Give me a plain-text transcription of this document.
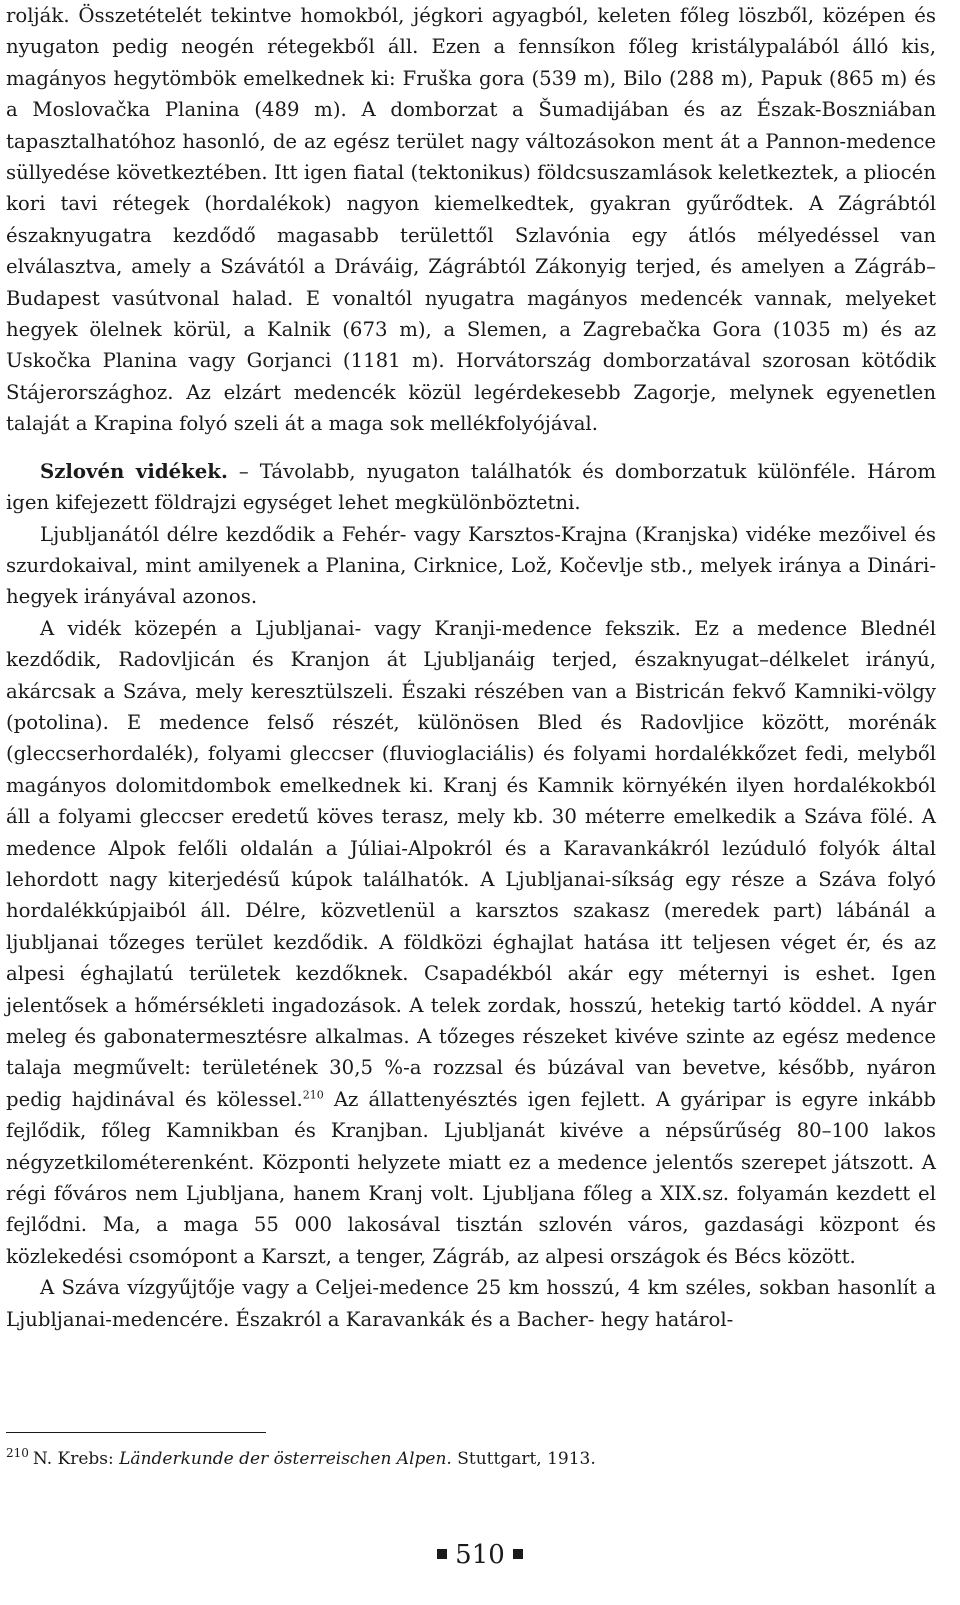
rolják. Összetételét tekintve homokból, jégkori agyagból, keleten főleg löszből, középen és nyugaton pedig neogén rétegekből áll. Ezen a fennsíkon főleg kristálypalából álló kis, magányos hegytömbök emelkednek ki: Fruška gora (539 m), Bilo (288 m), Papuk (865 m) és a Moslovačka Planina (489 m). A domborzat a Šumadijában és az Észak-Boszniában tapasztalhatóhoz hasonló, de az egész terület nagy változásokon ment át a Pannon-medence süllyedése következtében. Itt igen fiatal (tektonikus) földcsuszamlások keletkeztek, a pliocén kori tavi rétegek (hordalékok) nagyon kiemelkedtek, gyakran gyűrődtek. A Zágrábtól északnyugatra kezdődő magasabb területtől Szlavónia egy átlós mélyedéssel van elválasztva, amely a Szávától a Dráváig, Zágrábtól Zákonyig terjed, és amelyen a Zágráb–Budapest vasútvonal halad. E vonaltól nyugatra magányos medencék vannak, melyeket hegyek ölelnek körül, a Kalnik (673 m), a Slemen, a Zagrebačka Gora (1035 m) és az Uskočka Planina vagy Gorjanci (1181 m). Horvátország domborzatával szorosan kötődik Stájerországhoz. Az elzárt medencék közül legérdekesebb Zagorje, melynek egyenetlen talaját a Krapina folyó szeli át a maga sok mellékfolyójával.

Szlovén vidékek. – Távolabb, nyugaton találhatók és domborzatuk különféle. Három igen kifejezett földrajzi egységet lehet megkülönböztetni.

Ljubljanától délre kezdődik a Fehér- vagy Karsztos-Krajna (Kranjska) vidéke mezőivel és szurdokaival, mint amilyenek a Planina, Cirknice, Lož, Kočevlje stb., melyek iránya a Dinári-hegyek irányával azonos.

A vidék közepén a Ljubljanai- vagy Kranji-medence fekszik. Ez a medence Blednél kezdődik, Radovljicán és Kranjon át Ljubljanáig terjed, északnyugat–délkelet irányú, akárcsak a Száva, mely keresztülszeli. Északi részében van a Bistricán fekvő Kamniki-völgy (potolina). E medence felső részét, különösen Bled és Radovljice között, morénák (gleccserhordalék), folyami gleccser (fluvioglaciális) és folyami hordalékkőzet fedi, melyből magányos dolomitdombok emelkednek ki. Kranj és Kamnik környékén ilyen hordalékokból áll a folyami gleccser eredetű köves terasz, mely kb. 30 méterre emelkedik a Száva fölé. A medence Alpok felőli oldalán a Júliai-Alpokról és a Karavankákról lezúduló folyók által lehordott nagy kiterjedésű kúpok találhatók. A Ljubljanai-síkság egy része a Száva folyó hordalékkúpjaiból áll. Délre, közvetlenül a karsztos szakasz (meredek part) lábánál a ljubljanai tőzeges terület kezdődik. A földközi éghajlat hatása itt teljesen véget ér, és az alpesi éghajlatú területek kezdőknek. Csapadékból akár egy méternyi is eshet. Igen jelentősek a hőmérsékleti ingadozások. A telek zordak, hosszú, hetekig tartó köddel. A nyár meleg és gabonatermesztésre alkalmas. A tőzeges részeket kivéve szinte az egész medence talaja megművelt: területének 30,5 %-a rozzsal és búzával van bevetve, később, nyáron pedig hajdinával és kölessel.$^{210}$ Az állattenyésztés igen fejlett. A gyáripar is egyre inkább fejlődik, főleg Kamnikban és Kranjban. Ljubljanát kivéve a népsűrűség 80–100 lakos négyzetkilométerenként. Központi helyzete miatt ez a medence jelentős szerepet játszott. A régi főváros nem Ljubljana, hanem Kranj volt. Ljubljana főleg a XIX.sz. folyamán kezdett el fejlődni. Ma, a maga 55 000 lakosával tisztán szlovén város, gazdasági központ és közlekedési csomópont a Karszt, a tenger, Zágráb, az alpesi országok és Bécs között.

A Száva vízgyűjtője vagy a Celjei-medence 25 km hosszú, 4 km széles, sokban hasonlít a Ljubljanai-medencére. Északról a Karavankák és a Bacher- hegy határol-

$^{210}$ N. Krebs: Länderkunde der österreischen Alpen. Stuttgart, 1913.
510
